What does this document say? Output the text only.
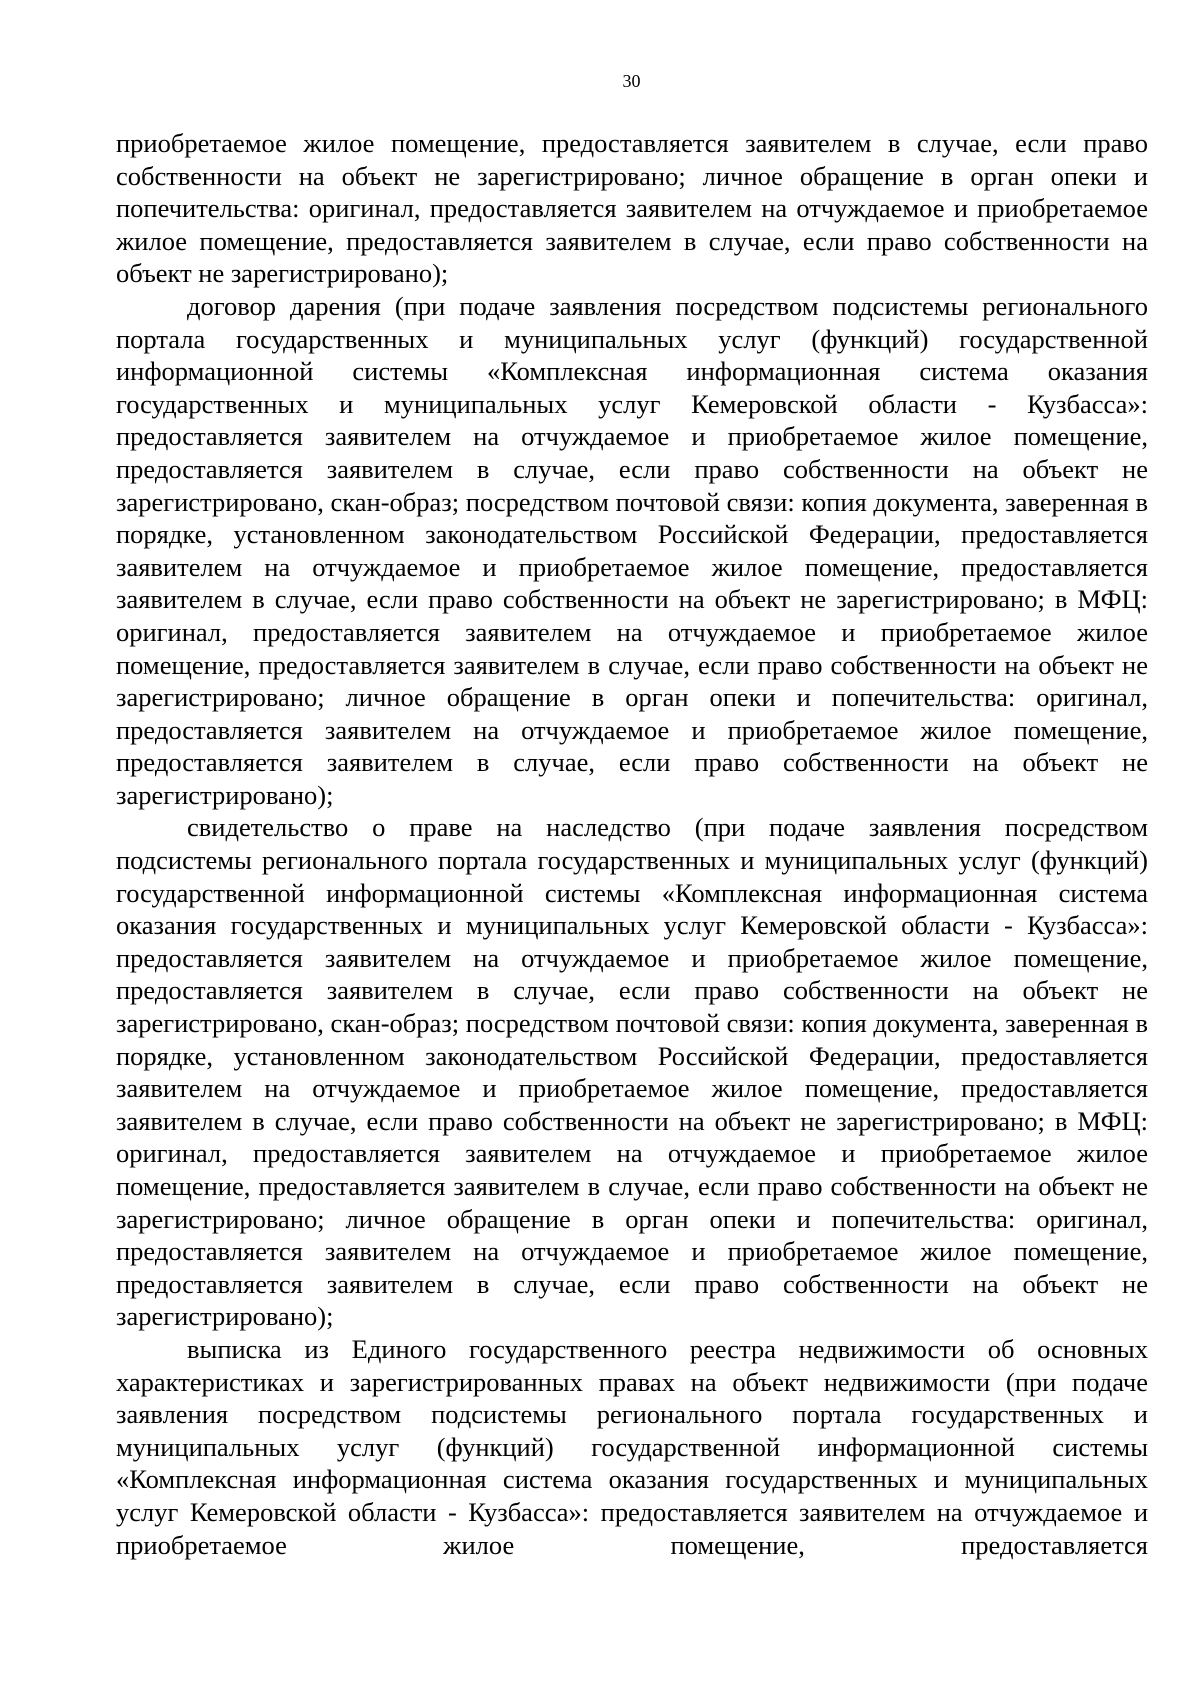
30

приобретаемое жилое помещение, предоставляется заявителем в случае, если право собственности на объект не зарегистрировано; личное обращение в орган опеки и попечительства: оригинал, предоставляется заявителем на отчуждаемое и приобретаемое жилое помещение, предоставляется заявителем в случае, если право собственности на объект не зарегистрировано);

договор дарения (при подаче заявления посредством подсистемы регионального портала государственных и муниципальных услуг (функций) государственной информационной системы «Комплексная информационная система оказания государственных и муниципальных услуг Кемеровской области - Кузбасса»: предоставляется заявителем на отчуждаемое и приобретаемое жилое помещение, предоставляется заявителем в случае, если право собственности на объект не зарегистрировано, скан-образ; посредством почтовой связи: копия документа, заверенная в порядке, установленном законодательством Российской Федерации, предоставляется заявителем на отчуждаемое и приобретаемое жилое помещение, предоставляется заявителем в случае, если право собственности на объект не зарегистрировано; в МФЦ: оригинал, предоставляется заявителем на отчуждаемое и приобретаемое жилое помещение, предоставляется заявителем в случае, если право собственности на объект не зарегистрировано; личное обращение в орган опеки и попечительства: оригинал, предоставляется заявителем на отчуждаемое и приобретаемое жилое помещение, предоставляется заявителем в случае, если право собственности на объект не зарегистрировано);

свидетельство о праве на наследство (при подаче заявления посредством подсистемы регионального портала государственных и муниципальных услуг (функций) государственной информационной системы «Комплексная информационная система оказания государственных и муниципальных услуг Кемеровской области - Кузбасса»: предоставляется заявителем на отчуждаемое и приобретаемое жилое помещение, предоставляется заявителем в случае, если право собственности на объект не зарегистрировано, скан-образ; посредством почтовой связи: копия документа, заверенная в порядке, установленном законодательством Российской Федерации, предоставляется заявителем на отчуждаемое и приобретаемое жилое помещение, предоставляется заявителем в случае, если право собственности на объект не зарегистрировано; в МФЦ: оригинал, предоставляется заявителем на отчуждаемое и приобретаемое жилое помещение, предоставляется заявителем в случае, если право собственности на объект не зарегистрировано; личное обращение в орган опеки и попечительства: оригинал, предоставляется заявителем на отчуждаемое и приобретаемое жилое помещение, предоставляется заявителем в случае, если право собственности на объект не зарегистрировано);

выписка из Единого государственного реестра недвижимости об основных характеристиках и зарегистрированных правах на объект недвижимости (при подаче заявления посредством подсистемы регионального портала государственных и муниципальных услуг (функций) государственной информационной системы «Комплексная информационная система оказания государственных и муниципальных услуг Кемеровской области - Кузбасса»: предоставляется заявителем на отчуждаемое и приобретаемое жилое помещение, предоставляется
